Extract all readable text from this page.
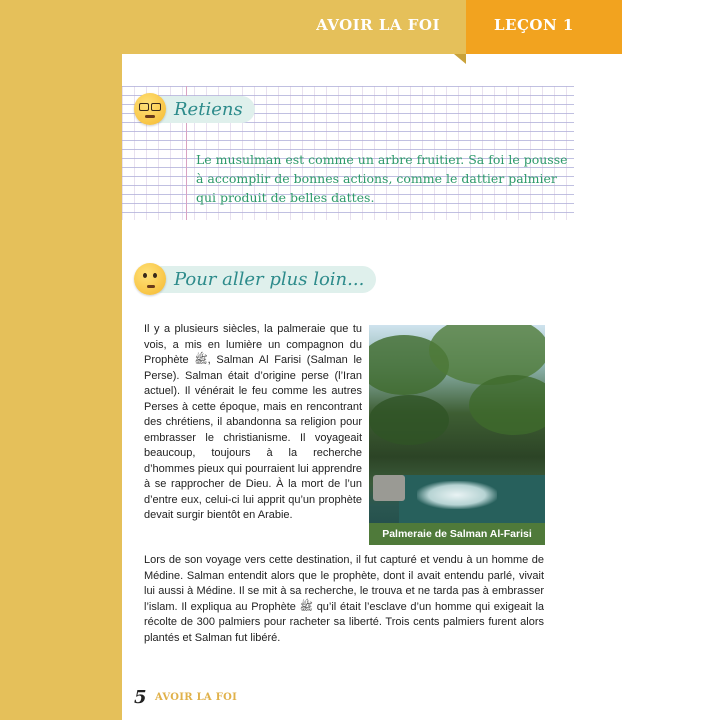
AVOIR LA FOI	LEÇON 1
Retiens
Le musulman est comme un arbre fruitier. Sa foi le pousse à accomplir de bonnes actions, comme le dattier palmier qui produit de belles dattes.
Pour aller plus loin...
Il y a plusieurs siècles, la palmeraie que tu vois, a mis en lumière un compagnon du Prophète ﷺ, Salman Al Farisi (Salman le Perse). Salman était d’origine perse (l’Iran actuel). Il vénérait le feu comme les autres Perses à cette époque, mais en rencontrant des chrétiens, il abandonna sa religion pour embrasser le christianisme. Il voyageait beaucoup, toujours à la recherche d’hommes pieux qui pourraient lui apprendre à se rapprocher de Dieu. À la mort de l’un d’entre eux, celui-ci lui apprit qu’un prophète devait surgir bientôt en Arabie.
Palmeraie de Salman Al-Farisi
Lors de son voyage vers cette destination, il fut capturé et vendu à un homme de Médine. Salman entendit alors que le prophète, dont il avait entendu parlé, vivait lui aussi à Médine. Il se mit à sa recherche, le trouva et ne tarda pas à embrasser l’islam. Il expliqua au Prophète ﷺ qu’il était l’esclave d’un homme qui exigeait la récolte de 300 palmiers pour racheter sa liberté. Trois cents palmiers furent alors plantés et Salman fut libéré.
5 AVOIR LA FOI
